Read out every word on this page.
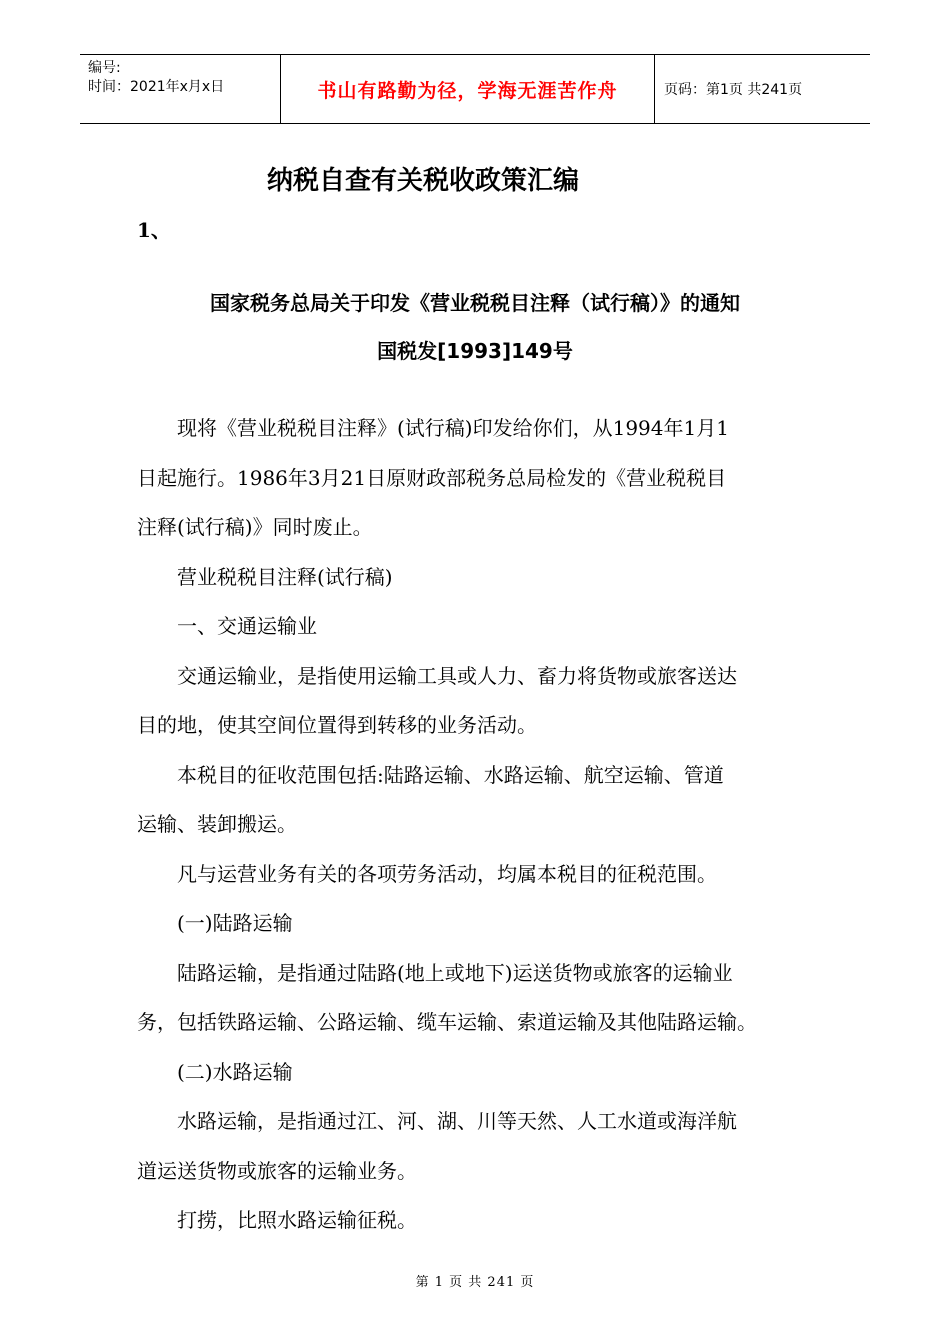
编号:
时间：2021年x月x日	书山有路勤为径，学海无涯苦作舟	页码：第1页 共241页
纳税自查有关税收政策汇编
1、
国家税务总局关于印发《营业税税目注释（试行稿）》的通知
国税发[1993]149号

现将《营业税税目注释》(试行稿)印发给你们，从1994年1月1
日起施行。1986年3月21日原财政部税务总局检发的《营业税税目
注释(试行稿)》同时废止。

营业税税目注释(试行稿)

一、交通运输业

交通运输业，是指使用运输工具或人力、畜力将货物或旅客送达
目的地，使其空间位置得到转移的业务活动。

本税目的征收范围包括:陆路运输、水路运输、航空运输、管道
运输、装卸搬运。

凡与运营业务有关的各项劳务活动，均属本税目的征税范围。

(一)陆路运输

陆路运输，是指通过陆路(地上或地下)运送货物或旅客的运输业
务，包括铁路运输、公路运输、缆车运输、索道运输及其他陆路运输。

(二)水路运输

水路运输，是指通过江、河、湖、川等天然、人工水道或海洋航
道运送货物或旅客的运输业务。

打捞，比照水路运输征税。

第 1 页 共 241 页
